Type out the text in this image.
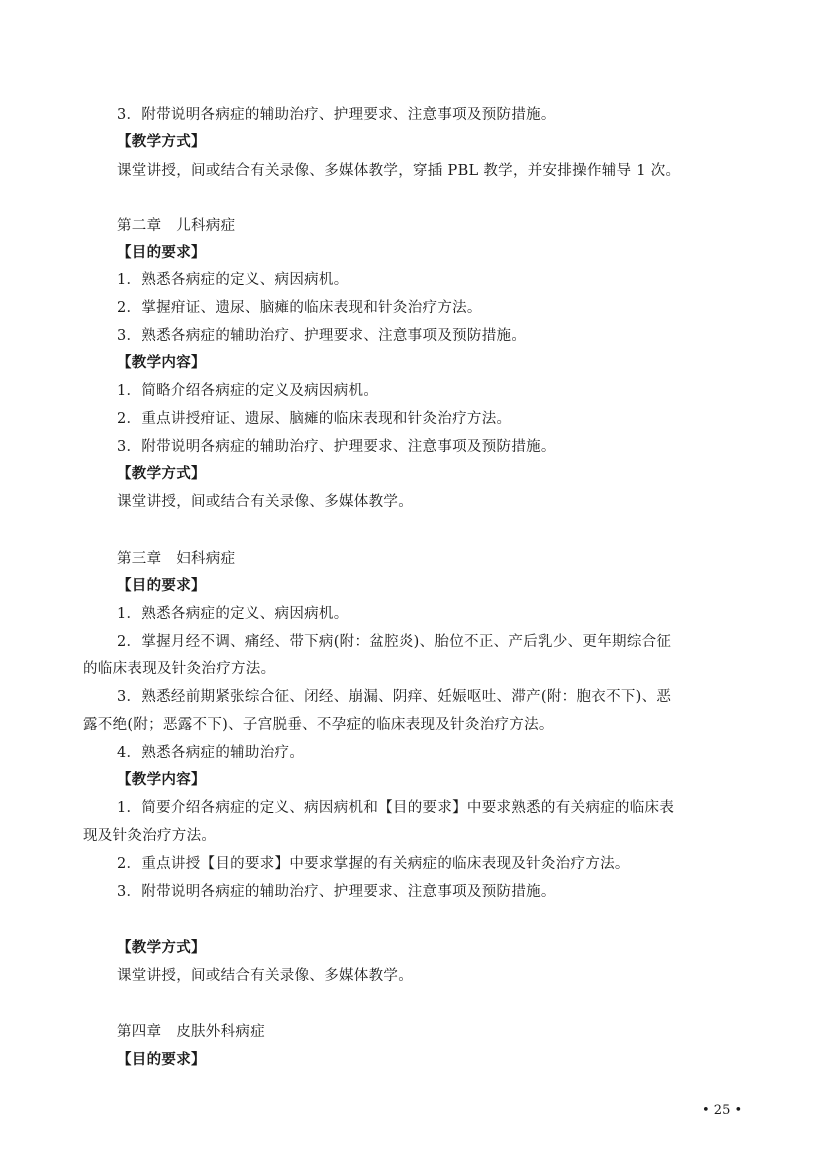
3．附带说明各病症的辅助治疗、护理要求、注意事项及预防措施。
【教学方式】
课堂讲授，间或结合有关录像、多媒体教学，穿插 PBL 教学，并安排操作辅导 1 次。
第二章　儿科病症
【目的要求】
1．熟悉各病症的定义、病因病机。
2．掌握疳证、遗尿、脑瘫的临床表现和针灸治疗方法。
3．熟悉各病症的辅助治疗、护理要求、注意事项及预防措施。
【教学内容】
1．简略介绍各病症的定义及病因病机。
2．重点讲授疳证、遗尿、脑瘫的临床表现和针灸治疗方法。
3．附带说明各病症的辅助治疗、护理要求、注意事项及预防措施。
【教学方式】
课堂讲授，间或结合有关录像、多媒体教学。
第三章　妇科病症
【目的要求】
1．熟悉各病症的定义、病因病机。
2．掌握月经不调、痛经、带下病(附：盆腔炎)、胎位不正、产后乳少、更年期综合征
的临床表现及针灸治疗方法。
3．熟悉经前期紧张综合征、闭经、崩漏、阴痒、妊娠呕吐、滞产(附：胞衣不下)、恶
露不绝(附；恶露不下)、子宫脱垂、不孕症的临床表现及针灸治疗方法。
4．熟悉各病症的辅助治疗。
【教学内容】
1．简要介绍各病症的定义、病因病机和【目的要求】中要求熟悉的有关病症的临床表
现及针灸治疗方法。
2．重点讲授【目的要求】中要求掌握的有关病症的临床表现及针灸治疗方法。
3．附带说明各病症的辅助治疗、护理要求、注意事项及预防措施。
【教学方式】
课堂讲授，间或结合有关录像、多媒体教学。
第四章　皮肤外科病症
【目的要求】
• 25 •
